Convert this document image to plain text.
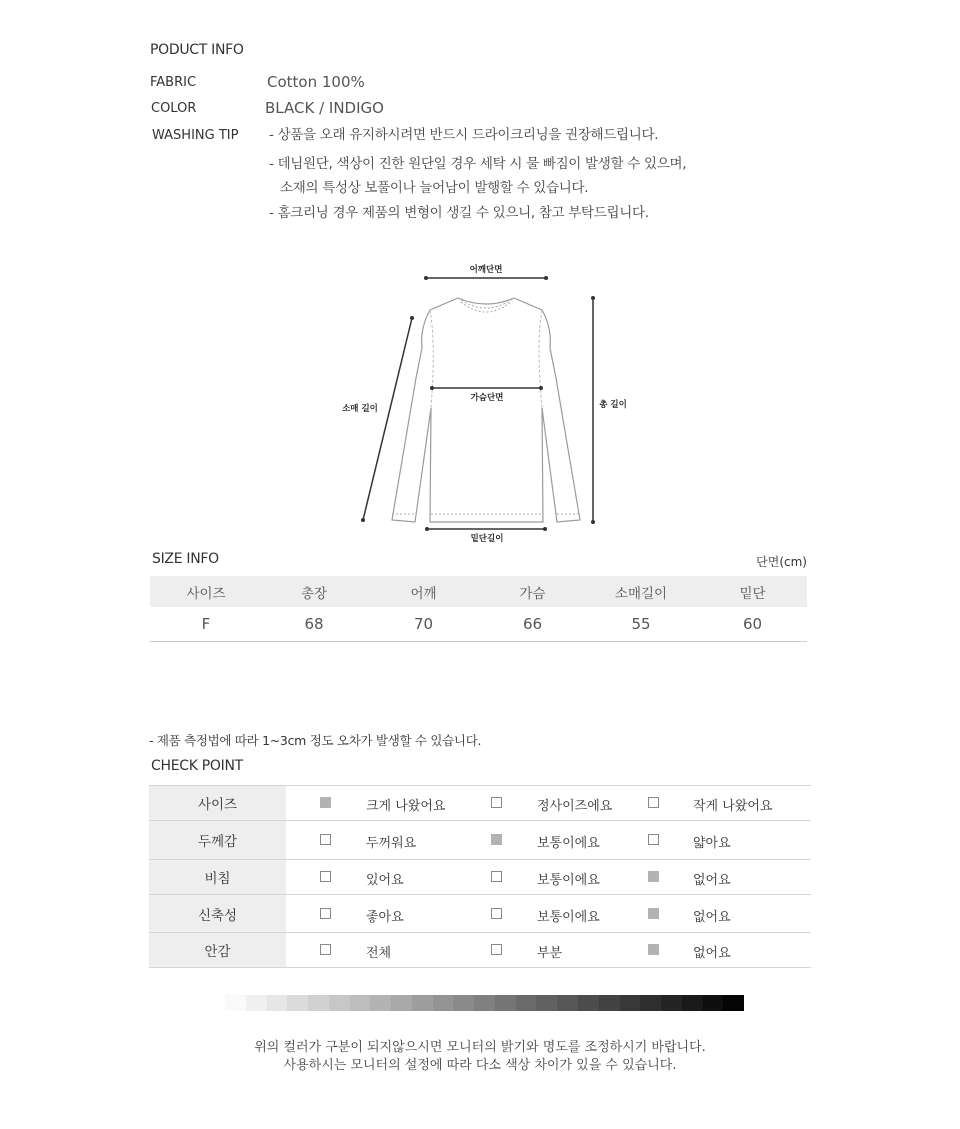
PODUCT INFO
FABRIC	Cotton 100%
COLOR	BLACK / INDIGO
WASHING TIP - 상품을 오래 유지하시려면 반드시 드라이크리닝을 권장해드립니다.
- 데님원단, 색상이 진한 원단일 경우 세탁 시 물 빠짐이 발생할 수 있으며,
소재의 특성상 보풀이나 늘어남이 발행할 수 있습니다.
- 홈크리닝 경우 제품의 변형이 생길 수 있으니, 참고 부탁드립니다.
어깨단면
가슴단면
소매 길이	총 길이
밑단길이
SIZE INFO	단면(cm)
사이즈	총장	어깨	가슴	소매길이	밑단
F	68	70	66	55	60
- 제품 측정법에 따라 1~3cm 정도 오차가 발생할 수 있습니다.
CHECK POINT
사이즈	크게 나왔어요	정사이즈에요	작게 나왔어요
두께감	두꺼워요	보통이에요	얇아요
비침	있어요	보통이에요	없어요
신축성	좋아요	보통이에요	없어요
안감	전체	부분	없어요
위의 컬러가 구분이 되지않으시면 모니터의 밝기와 명도를 조정하시기 바랍니다.
사용하시는 모니터의 설정에 따라 다소 색상 차이가 있을 수 있습니다.
